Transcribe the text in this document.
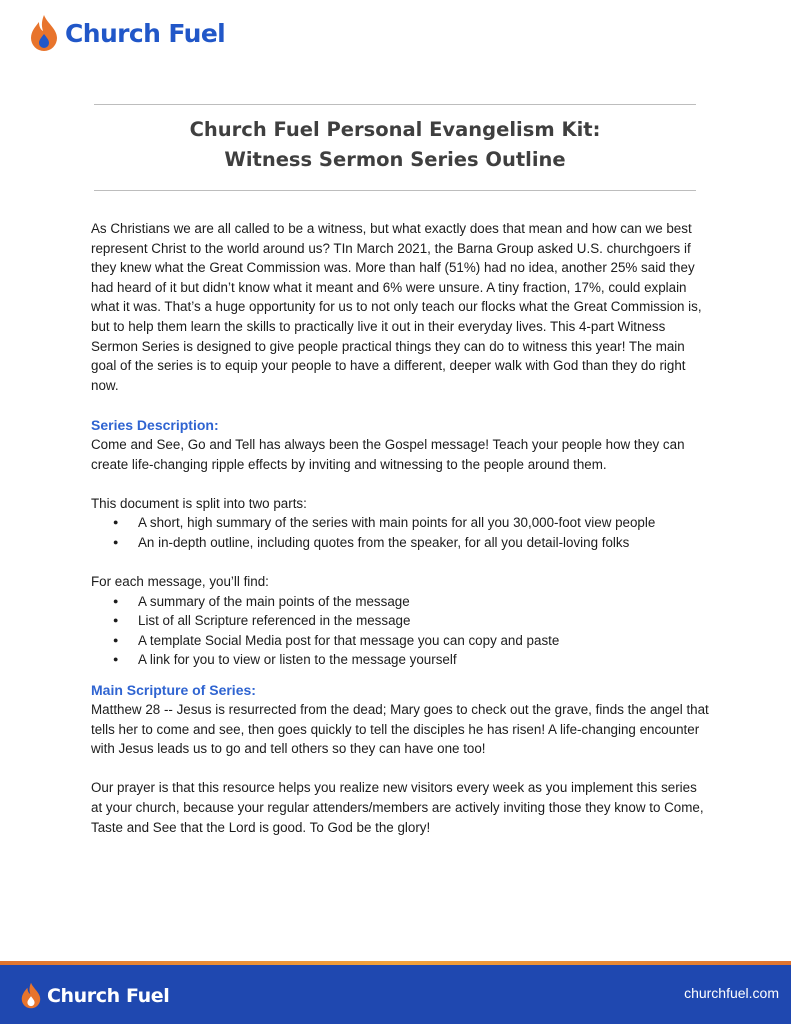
Church Fuel
Church Fuel Personal Evangelism Kit:
Witness Sermon Series Outline

As Christians we are all called to be a witness, but what exactly does that mean and how can we best represent Christ to the world around us? TIn March 2021, the Barna Group asked U.S. churchgoers if they knew what the Great Commission was. More than half (51%) had no idea, another 25% said they had heard of it but didn’t know what it meant and 6% were unsure. A tiny fraction, 17%, could explain what it was. That’s a huge opportunity for us to not only teach our flocks what the Great Commission is, but to help them learn the skills to practically live it out in their everyday lives. This 4-part Witness Sermon Series is designed to give people practical things they can do to witness this year! The main goal of the series is to equip your people to have a different, deeper walk with God than they do right now.

Series Description:

Come and See, Go and Tell has always been the Gospel message! Teach your people how they can create life-changing ripple effects by inviting and witnessing to the people around them.

This document is split into two parts:

● A short, high summary of the series with main points for all you 30,000-foot view people
● An in-depth outline, including quotes from the speaker, for all you detail-loving folks

For each message, you’ll find:

● A summary of the main points of the message
● List of all Scripture referenced in the message
● A template Social Media post for that message you can copy and paste
● A link for you to view or listen to the message yourself
Main Scripture of Series:

Matthew 28 -- Jesus is resurrected from the dead; Mary goes to check out the grave, finds the angel that tells her to come and see, then goes quickly to tell the disciples he has risen! A life-changing encounter with Jesus leads us to go and tell others so they can have one too!

Our prayer is that this resource helps you realize new visitors every week as you implement this series at your church, because your regular attenders/members are actively inviting those they know to Come, Taste and See that the Lord is good. To God be the glory!

Church Fuel	churchfuel.com
